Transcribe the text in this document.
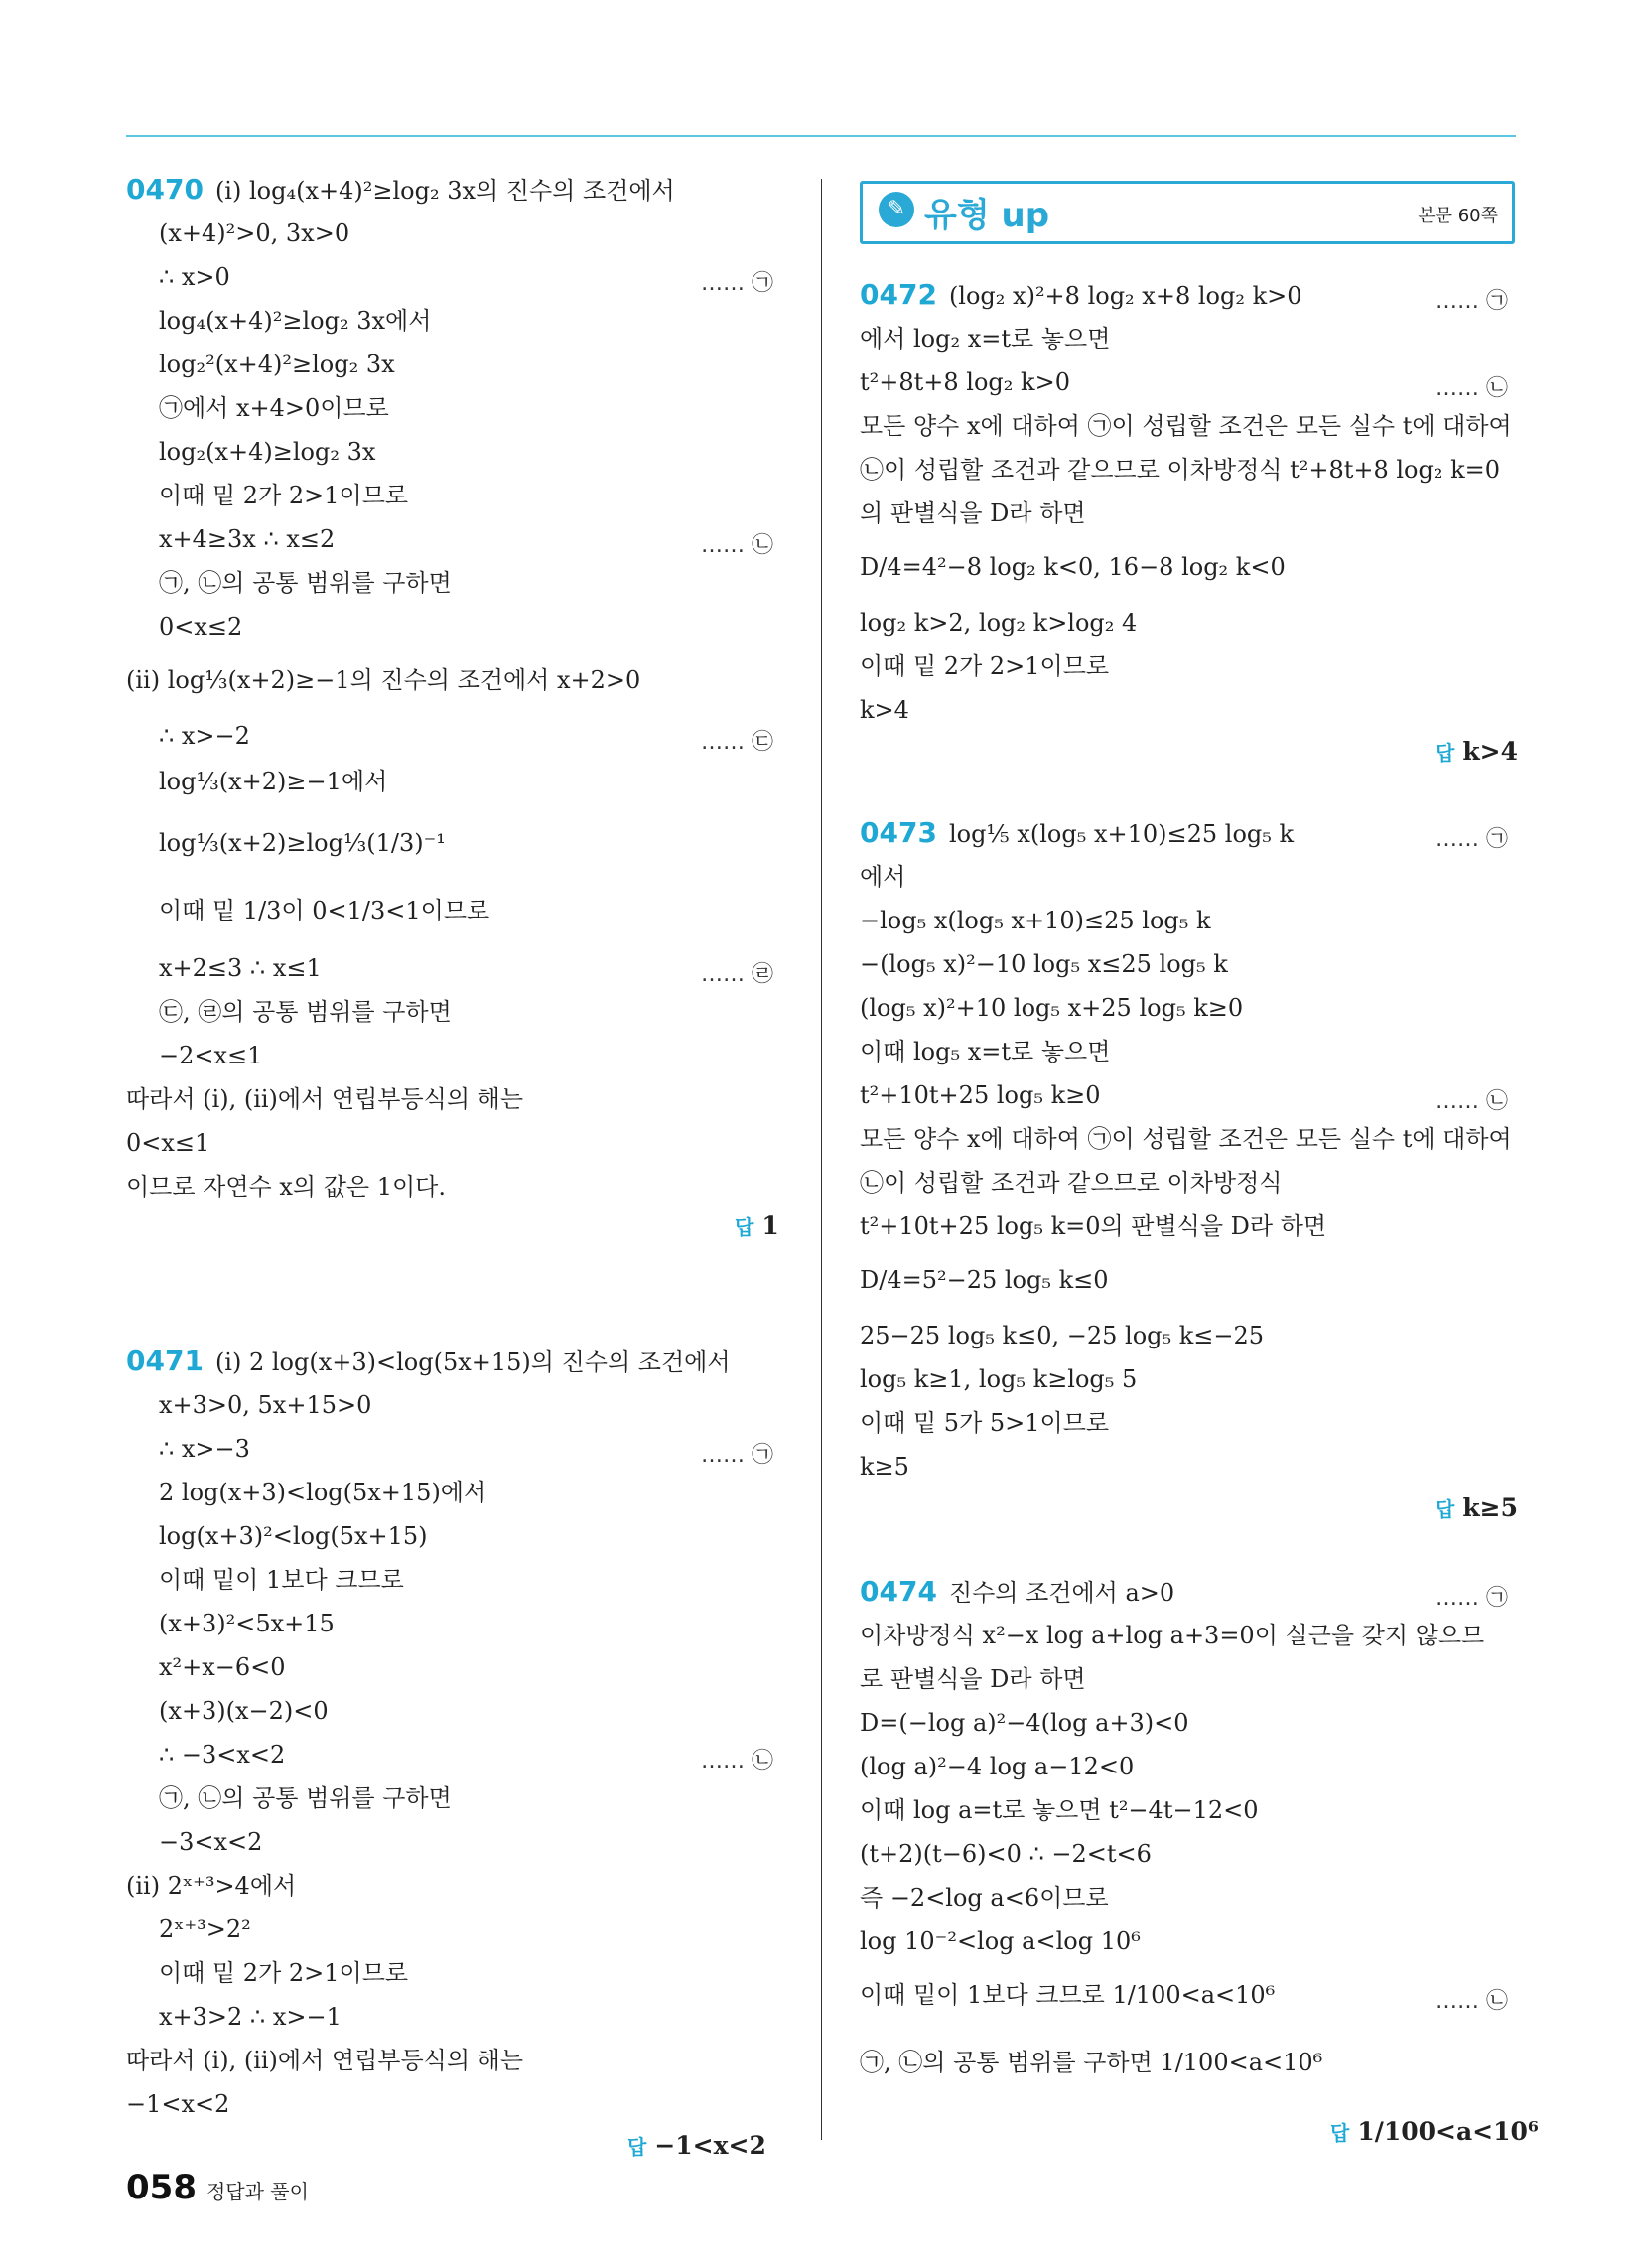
0470 (i) log₄(x+4)²≥log₂ 3x의 진수의 조건에서
(x+4)²>0, 3x>0
∴ x>0	…… ㉠
log₄(x+4)²≥log₂ 3x에서
log₂²(x+4)²≥log₂ 3x
㉠에서 x+4>0이므로
log₂(x+4)≥log₂ 3x
이때 밑 2가 2>1이므로
x+4≥3x ∴ x≤2	…… ㉡
㉠, ㉡의 공통 범위를 구하면
0<x≤2
(ii) log⅓(x+2)≥−1의 진수의 조건에서 x+2>0
∴ x>−2	…… ㉢
log⅓(x+2)≥−1에서
log⅓(x+2)≥log⅓(1/3)⁻¹
이때 밑 1/3이 0<1/3<1이므로
x+2≤3 ∴ x≤1	…… ㉣
㉢, ㉣의 공통 범위를 구하면
−2<x≤1
따라서 (i), (ii)에서 연립부등식의 해는
0<x≤1
이므로 자연수 x의 값은 1이다.
답 1
0471 (i) 2 log(x+3)<log(5x+15)의 진수의 조건에서
x+3>0, 5x+15>0
∴ x>−3	…… ㉠
2 log(x+3)<log(5x+15)에서
log(x+3)²<log(5x+15)
이때 밑이 1보다 크므로
(x+3)²<5x+15
x²+x−6<0
(x+3)(x−2)<0
∴ −3<x<2	…… ㉡
㉠, ㉡의 공통 범위를 구하면
−3<x<2
(ii) 2ˣ⁺³>4에서
2ˣ⁺³>2²
이때 밑 2가 2>1이므로
x+3>2 ∴ x>−1
따라서 (i), (ii)에서 연립부등식의 해는
−1<x<2
답 −1<x<2
✎ 유형 up	본문 60쪽
0472 (log₂ x)²+8 log₂ x+8 log₂ k>0	…… ㉠
에서 log₂ x=t로 놓으면
t²+8t+8 log₂ k>0	…… ㉡
모든 양수 x에 대하여 ㉠이 성립할 조건은 모든 실수 t에 대하여
㉡이 성립할 조건과 같으므로 이차방정식 t²+8t+8 log₂ k=0
의 판별식을 D라 하면
D/4=4²−8 log₂ k<0, 16−8 log₂ k<0
log₂ k>2, log₂ k>log₂ 4
이때 밑 2가 2>1이므로
k>4
답 k>4
0473 log⅕ x(log₅ x+10)≤25 log₅ k	…… ㉠
에서
−log₅ x(log₅ x+10)≤25 log₅ k
−(log₅ x)²−10 log₅ x≤25 log₅ k
(log₅ x)²+10 log₅ x+25 log₅ k≥0
이때 log₅ x=t로 놓으면
t²+10t+25 log₅ k≥0	…… ㉡
모든 양수 x에 대하여 ㉠이 성립할 조건은 모든 실수 t에 대하여
㉡이 성립할 조건과 같으므로 이차방정식
t²+10t+25 log₅ k=0의 판별식을 D라 하면
D/4=5²−25 log₅ k≤0
25−25 log₅ k≤0, −25 log₅ k≤−25
log₅ k≥1, log₅ k≥log₅ 5
이때 밑 5가 5>1이므로
k≥5
답 k≥5
0474 진수의 조건에서 a>0	…… ㉠
이차방정식 x²−x log a+log a+3=0이 실근을 갖지 않으므
로 판별식을 D라 하면
D=(−log a)²−4(log a+3)<0
(log a)²−4 log a−12<0
이때 log a=t로 놓으면 t²−4t−12<0
(t+2)(t−6)<0 ∴ −2<t<6
즉 −2<log a<6이므로
log 10⁻²<log a<log 10⁶
이때 밑이 1보다 크므로 1/100<a<10⁶	…… ㉡
㉠, ㉡의 공통 범위를 구하면 1/100<a<10⁶
답 1/100<a<10⁶
058 정답과 풀이
